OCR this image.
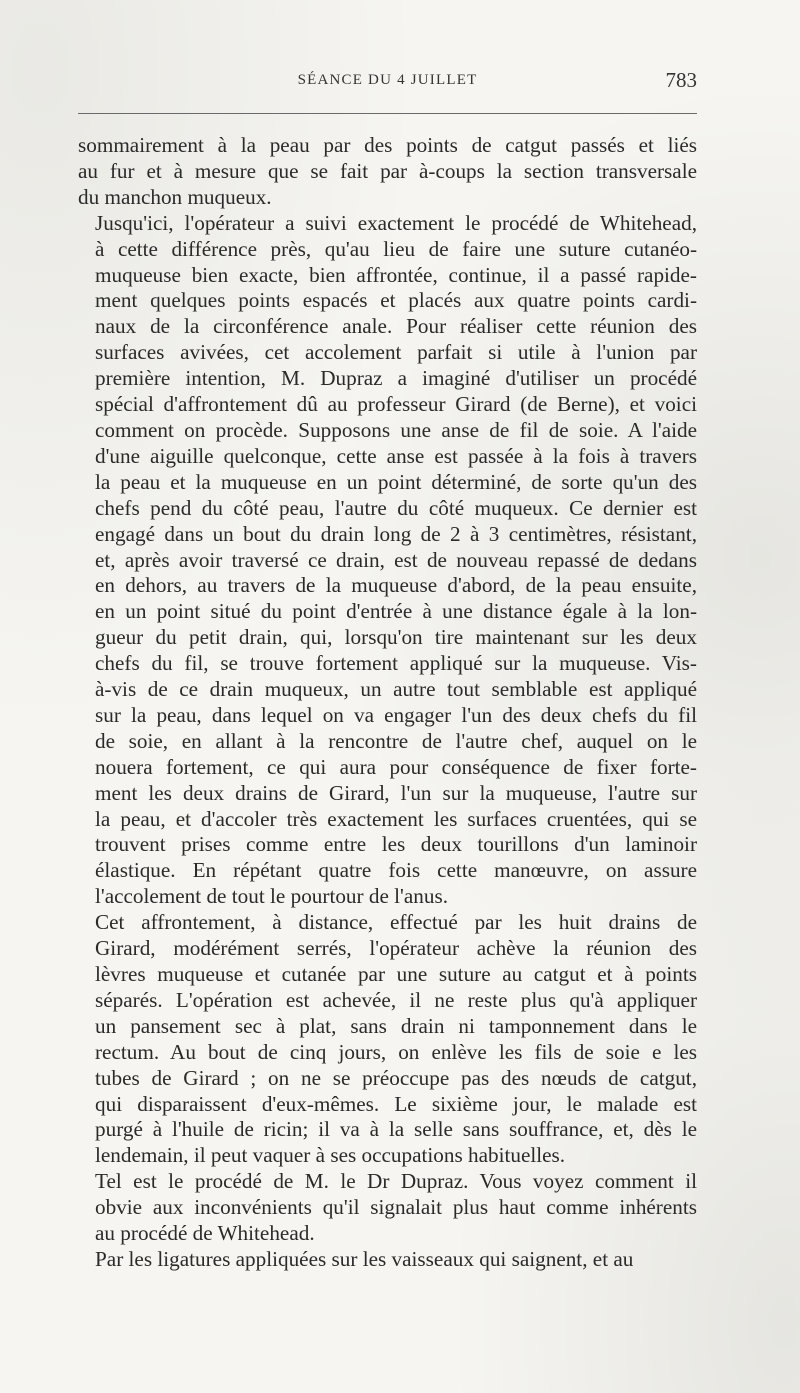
SÉANCE DU 4 JUILLET	783

sommairement à la peau par des points de catgut passés et liés
au fur et à mesure que se fait par à-coups la section transversale
du manchon muqueux.

Jusqu'ici, l'opérateur a suivi exactement le procédé de Whitehead,
à cette différence près, qu'au lieu de faire une suture cutanéo-
muqueuse bien exacte, bien affrontée, continue, il a passé rapide-
ment quelques points espacés et placés aux quatre points cardi-
naux de la circonférence anale. Pour réaliser cette réunion des
surfaces avivées, cet accolement parfait si utile à l'union par
première intention, M. Dupraz a imaginé d'utiliser un procédé
spécial d'affrontement dû au professeur Girard (de Berne), et voici
comment on procède. Supposons une anse de fil de soie. A l'aide
d'une aiguille quelconque, cette anse est passée à la fois à travers
la peau et la muqueuse en un point déterminé, de sorte qu'un des
chefs pend du côté peau, l'autre du côté muqueux. Ce dernier est
engagé dans un bout du drain long de 2 à 3 centimètres, résistant,
et, après avoir traversé ce drain, est de nouveau repassé de dedans
en dehors, au travers de la muqueuse d'abord, de la peau ensuite,
en un point situé du point d'entrée à une distance égale à la lon-
gueur du petit drain, qui, lorsqu'on tire maintenant sur les deux
chefs du fil, se trouve fortement appliqué sur la muqueuse. Vis-
à-vis de ce drain muqueux, un autre tout semblable est appliqué
sur la peau, dans lequel on va engager l'un des deux chefs du fil
de soie, en allant à la rencontre de l'autre chef, auquel on le
nouera fortement, ce qui aura pour conséquence de fixer forte-
ment les deux drains de Girard, l'un sur la muqueuse, l'autre sur
la peau, et d'accoler très exactement les surfaces cruentées, qui se
trouvent prises comme entre les deux tourillons d'un laminoir
élastique. En répétant quatre fois cette manœuvre, on assure
l'accolement de tout le pourtour de l'anus.

Cet affrontement, à distance, effectué par les huit drains de
Girard, modérément serrés, l'opérateur achève la réunion des
lèvres muqueuse et cutanée par une suture au catgut et à points
séparés. L'opération est achevée, il ne reste plus qu'à appliquer
un pansement sec à plat, sans drain ni tamponnement dans le
rectum. Au bout de cinq jours, on enlève les fils de soie e les
tubes de Girard ; on ne se préoccupe pas des nœuds de catgut,
qui disparaissent d'eux-mêmes. Le sixième jour, le malade est
purgé à l'huile de ricin; il va à la selle sans souffrance, et, dès le
lendemain, il peut vaquer à ses occupations habituelles.

Tel est le procédé de M. le Dr Dupraz. Vous voyez comment il
obvie aux inconvénients qu'il signalait plus haut comme inhérents
au procédé de Whitehead.

Par les ligatures appliquées sur les vaisseaux qui saignent, et au
